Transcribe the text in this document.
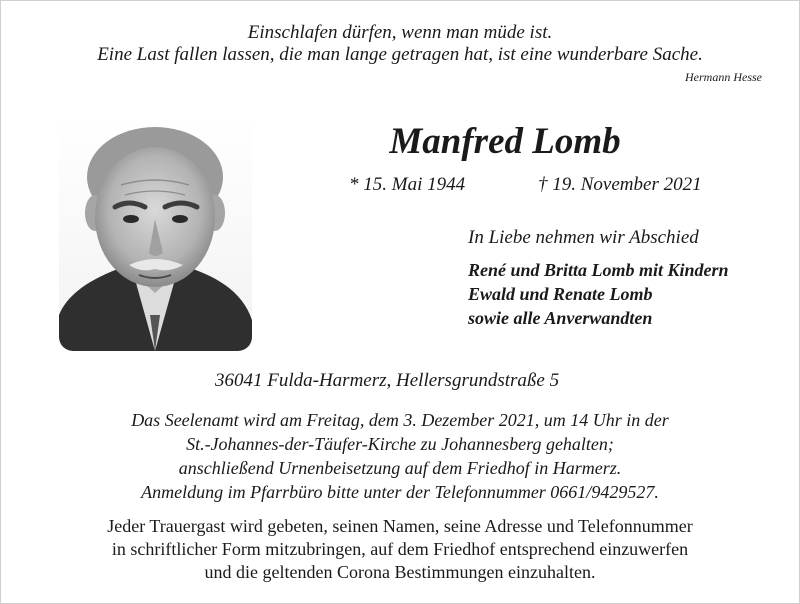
Einschlafen dürfen, wenn man müde ist.
Eine Last fallen lassen, die man lange getragen hat, ist eine wunderbare Sache.
Hermann Hesse
Manfred Lomb
* 15. Mai 1944	† 19. November 2021
In Liebe nehmen wir Abschied
René und Britta Lomb mit Kindern
Ewald und Renate Lomb
sowie alle Anverwandten
36041 Fulda-Harmerz, Hellersgrundstraße 5
Das Seelenamt wird am Freitag, dem 3. Dezember 2021, um 14 Uhr in der
St.-Johannes-der-Täufer-Kirche zu Johannesberg gehalten;
anschließend Urnenbeisetzung auf dem Friedhof in Harmerz.
Anmeldung im Pfarrbüro bitte unter der Telefonnummer 0661/9429527.
Jeder Trauergast wird gebeten, seinen Namen, seine Adresse und Telefonnummer
in schriftlicher Form mitzubringen, auf dem Friedhof entsprechend einzuwerfen
und die geltenden Corona Bestimmungen einzuhalten.
